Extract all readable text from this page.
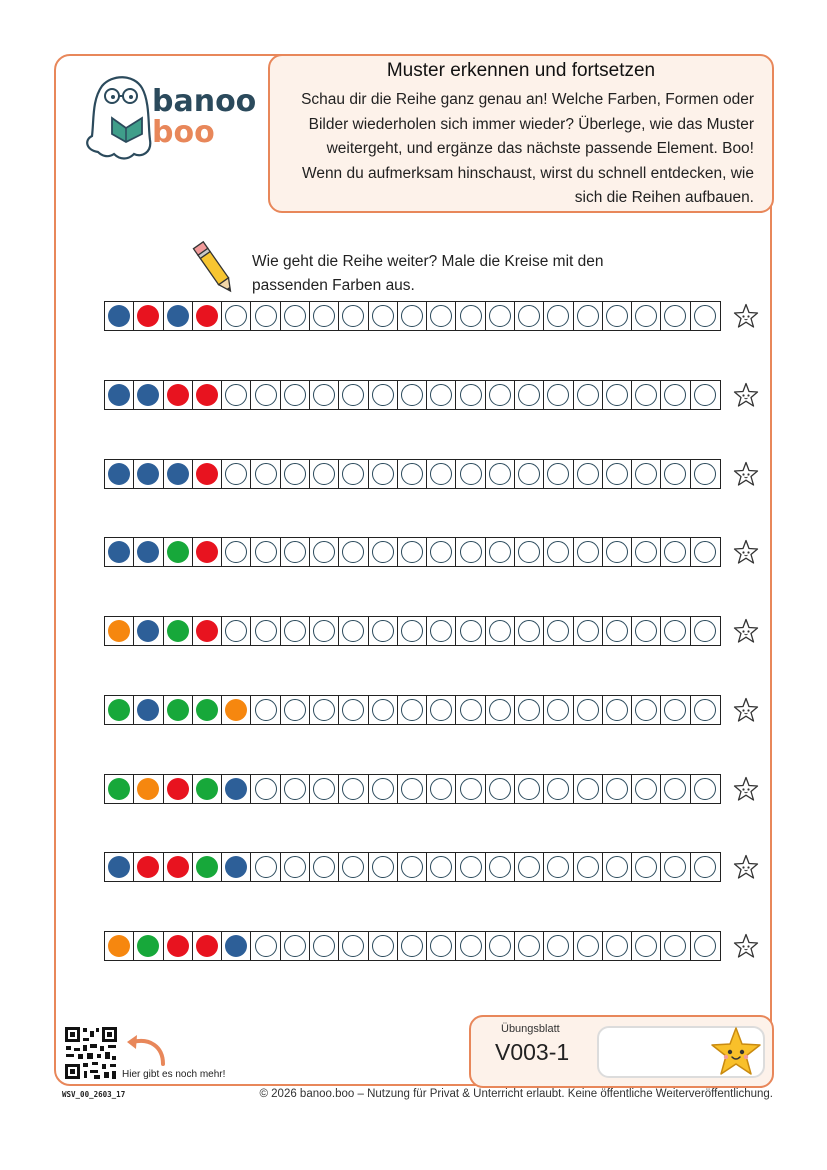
banoo
boo
Muster erkennen und fortsetzen
Schau dir die Reihe ganz genau an! Welche Farben, Formen oder Bilder wiederholen sich immer wieder? Überlege, wie das Muster weitergeht, und ergänze das nächste passende Element. Boo! Wenn du aufmerksam hinschaust, wirst du schnell entdecken, wie sich die Reihen aufbauen.
Wie geht die Reihe weiter? Male die Kreise mit den passenden Farben aus.
Hier gibt es noch mehr!
WSV_00_2603_17	© 2026 banoo.boo – Nutzung für Privat & Unterricht erlaubt. Keine öffentliche Weiterveröffentlichung.
Übungsblatt
V003-1
